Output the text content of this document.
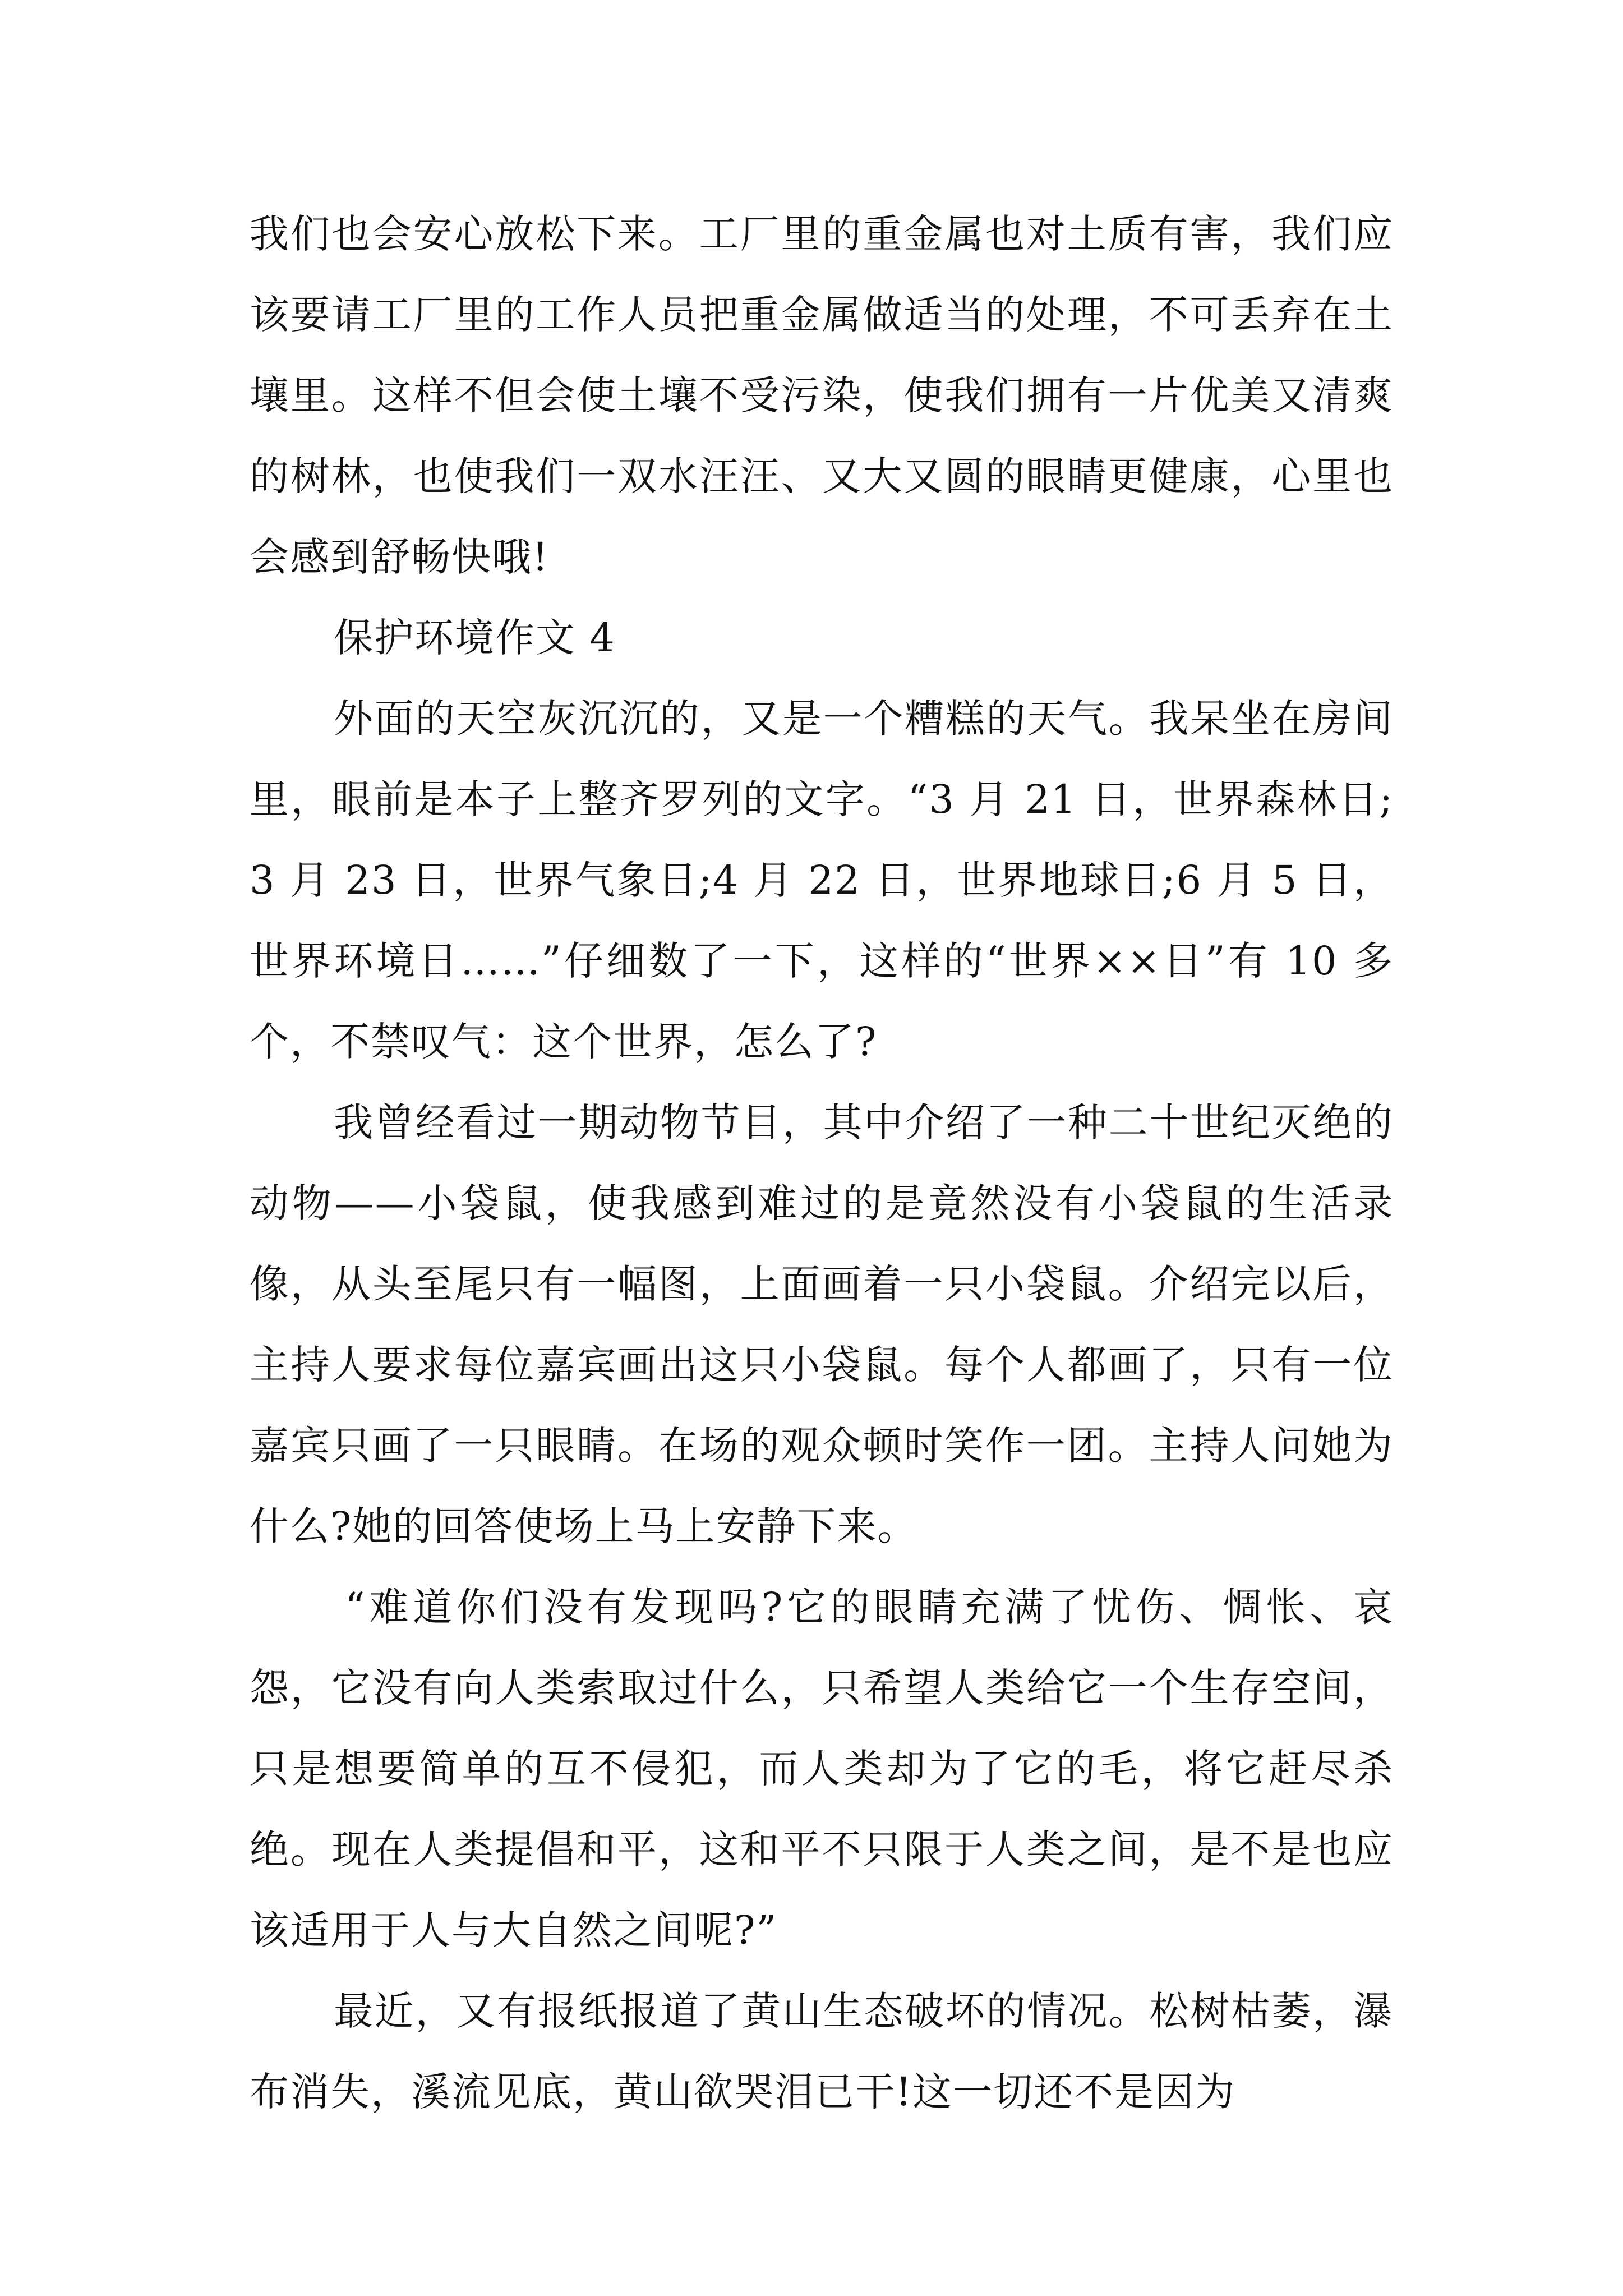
我们也会安心放松下来。工厂里的重金属也对土质有害，我们应该要请工厂里的工作人员把重金属做适当的处理，不可丢弃在土壤里。这样不但会使土壤不受污染，使我们拥有一片优美又清爽的树林，也使我们一双水汪汪、又大又圆的眼睛更健康，心里也会感到舒畅快哦!

保护环境作文 4

外面的天空灰沉沉的，又是一个糟糕的天气。我呆坐在房间里，眼前是本子上整齐罗列的文字。“3 月 21 日，世界森林日;3 月 23 日，世界气象日;4 月 22 日，世界地球日;6 月 5 日，世界环境日……”仔细数了一下，这样的“世界××日”有 10 多个，不禁叹气：这个世界，怎么了?

我曾经看过一期动物节目，其中介绍了一种二十世纪灭绝的动物——小袋鼠，使我感到难过的是竟然没有小袋鼠的生活录像，从头至尾只有一幅图，上面画着一只小袋鼠。介绍完以后，主持人要求每位嘉宾画出这只小袋鼠。每个人都画了，只有一位嘉宾只画了一只眼睛。在场的观众顿时笑作一团。主持人问她为什么?她的回答使场上马上安静下来。

“难道你们没有发现吗?它的眼睛充满了忧伤、惆怅、哀怨，它没有向人类索取过什么，只希望人类给它一个生存空间，只是想要简单的互不侵犯，而人类却为了它的毛，将它赶尽杀绝。现在人类提倡和平，这和平不只限于人类之间，是不是也应该适用于人与大自然之间呢?”

最近，又有报纸报道了黄山生态破坏的情况。松树枯萎，瀑布消失，溪流见底，黄山欲哭泪已干!这一切还不是因为
